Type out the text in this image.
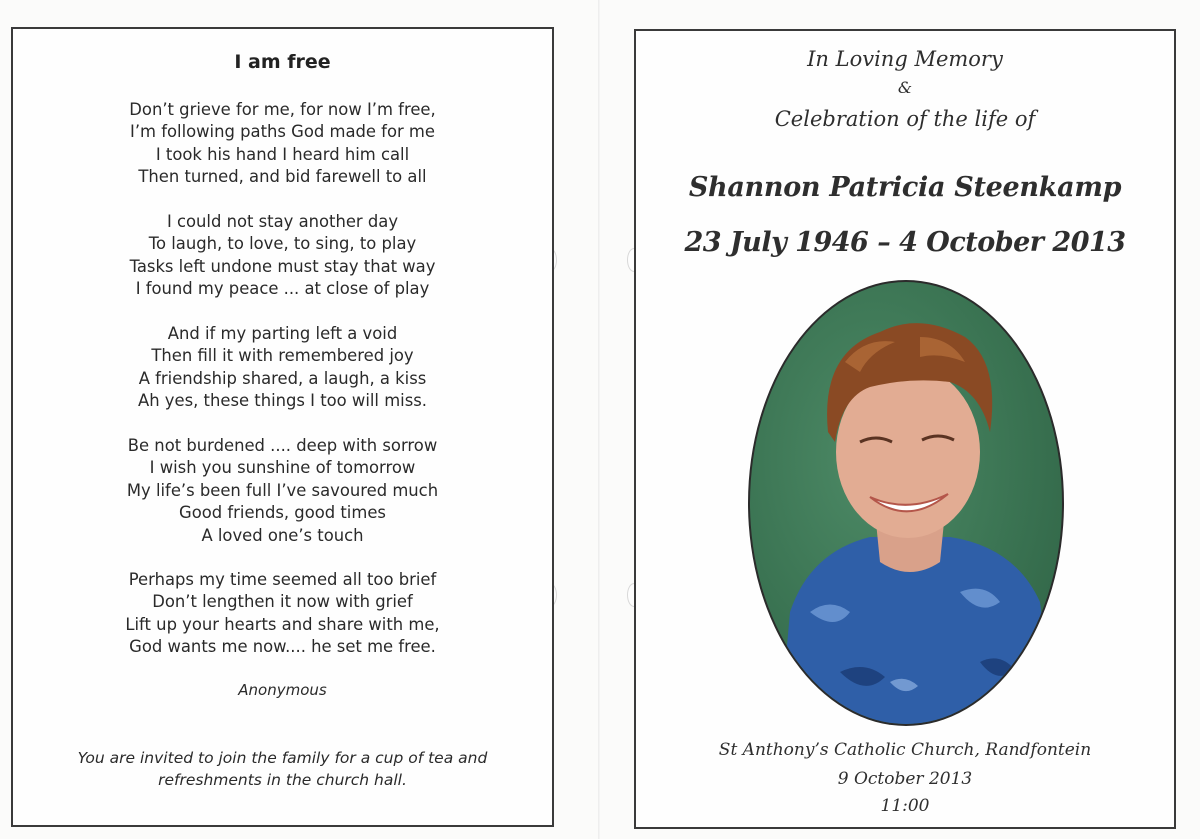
I am free
Don’t grieve for me, for now I’m free,
I’m following paths God made for me
I took his hand I heard him call
Then turned, and bid farewell to all
I could not stay another day
To laugh, to love, to sing, to play
Tasks left undone must stay that way
I found my peace ... at close of play
And if my parting left a void
Then fill it with remembered joy
A friendship shared, a laugh, a kiss
Ah yes, these things I too will miss.
Be not burdened .... deep with sorrow
I wish you sunshine of tomorrow
My life’s been full I’ve savoured much
Good friends, good times
A loved one’s touch
Perhaps my time seemed all too brief
Don’t lengthen it now with grief
Lift up your hearts and share with me,
God wants me now.... he set me free.
Anonymous
You are invited to join the family for a cup of tea and
refreshments in the church hall.
In Loving Memory
&
Celebration of the life of
Shannon Patricia Steenkamp
23 July 1946 – 4 October 2013
St Anthony’s Catholic Church, Randfontein
9 October 2013
11:00
